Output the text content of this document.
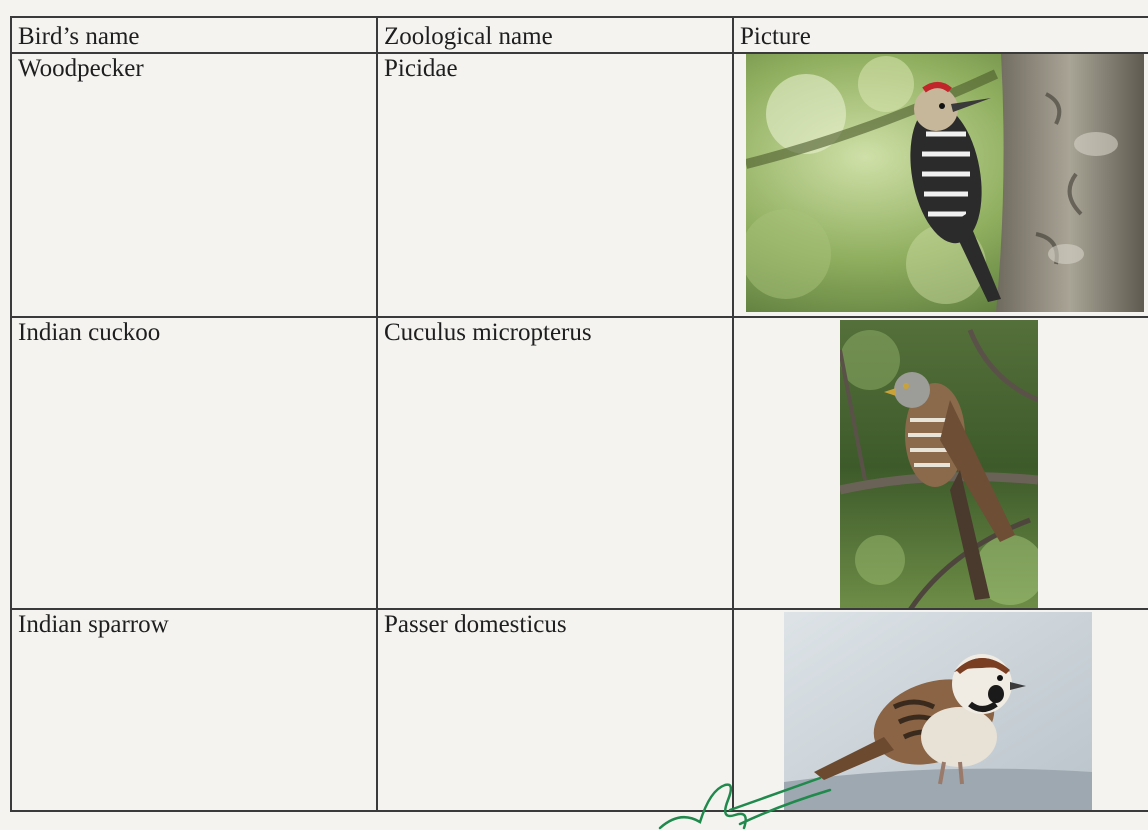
Bird’s name	Zoological name	Picture
Woodpecker	Picidae	

Indian cuckoo	Cuculus micropterus	

Indian sparrow	Passer domesticus	
